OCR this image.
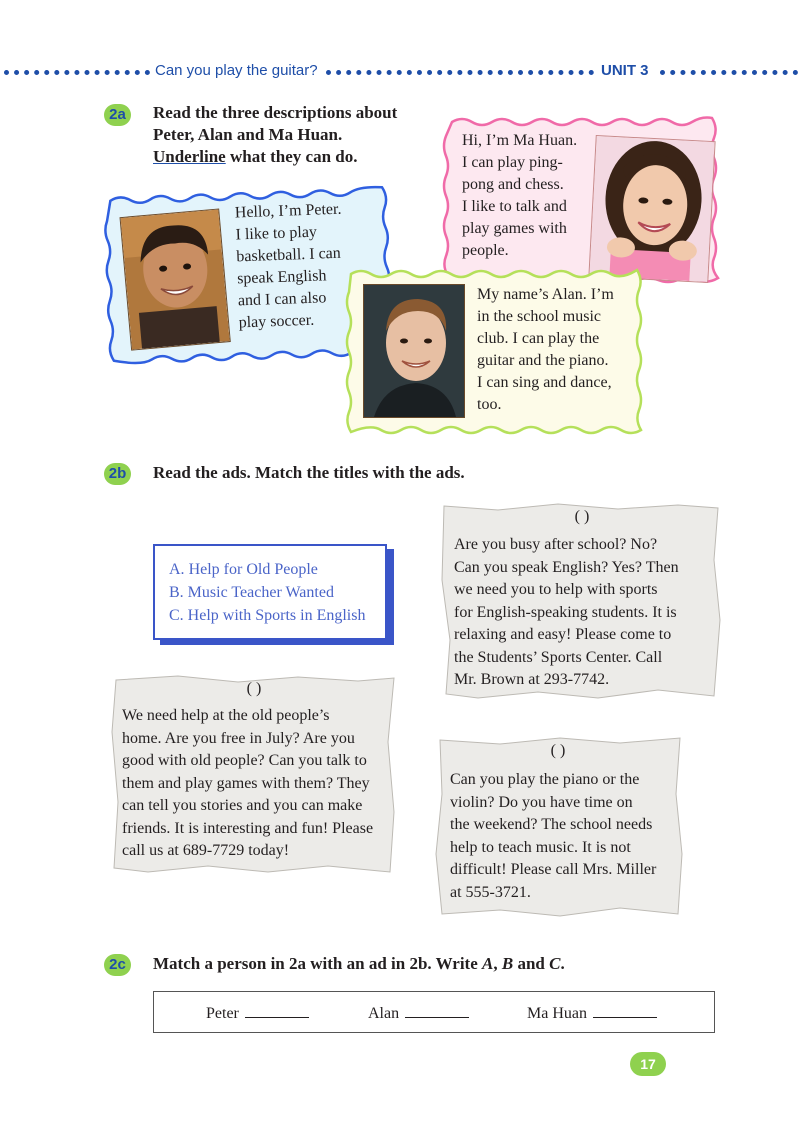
Can you play the guitar?	UNIT 3
2a	Read the three descriptions about
Peter, Alan and Ma Huan.
Underline what they can do.
Hi, I’m Ma Huan.
I can play ping-
pong and chess.
I like to talk and
play games with
people.
Hello, I’m Peter.
I like to play
basketball. I can
speak English
and I can also
play soccer.
My name’s Alan. I’m
in the school music
club. I can play the
guitar and the piano.
I can sing and dance,
too.
2b Read the ads. Match the titles with the ads.
A. Help for Old People
B. Music Teacher Wanted
C. Help with Sports in English
( )
Are you busy after school? No?
Can you speak English? Yes? Then
we need you to help with sports
for English-speaking students. It is
relaxing and easy! Please come to
the Students’ Sports Center. Call
Mr. Brown at 293-7742.
( )
We need help at the old people’s
home. Are you free in July? Are you
good with old people? Can you talk to
them and play games with them? They
can tell you stories and you can make
friends. It is interesting and fun! Please
call us at 689-7729 today!
( )
Can you play the piano or the
violin? Do you have time on
the weekend? The school needs
help to teach music. It is not
difficult! Please call Mrs. Miller
at 555-3721.
2c	Match a person in 2a with an ad in 2b. Write A, B and C.
Peter	Alan	Ma Huan
17
